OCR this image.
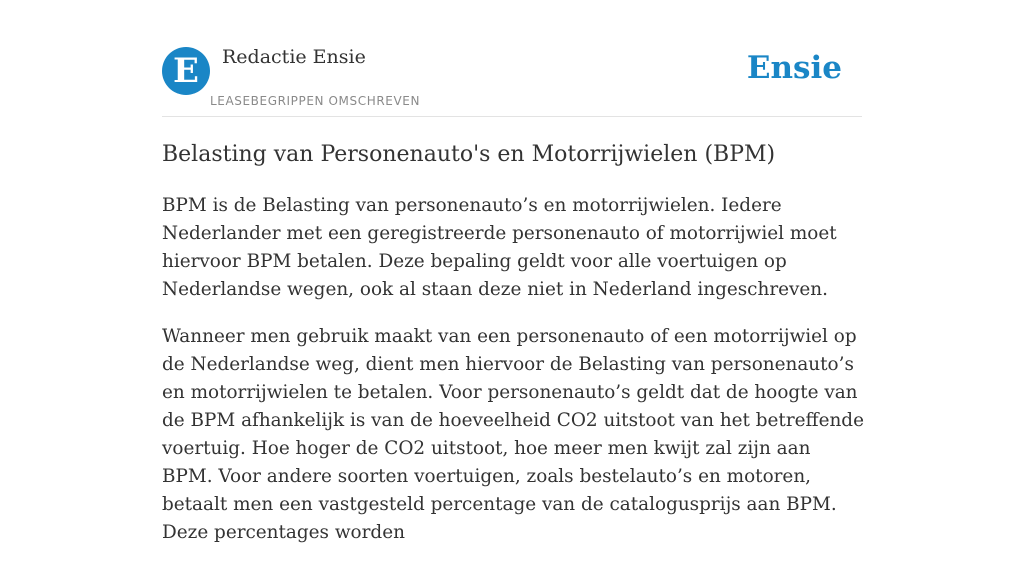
E	Redactie Ensie
LEASEBEGRIPPEN OMSCHREVEN
Ensie
Belasting van Personenauto's en Motorrijwielen (BPM)

BPM is de Belasting van personenauto’s en motorrijwielen. Iedere Nederlander met een geregistreerde personenauto of motorrijwiel moet hiervoor BPM betalen. Deze bepaling geldt voor alle voertuigen op Nederlandse wegen, ook al staan deze niet in Nederland ingeschreven.

Wanneer men gebruik maakt van een personenauto of een motorrijwiel op de Nederlandse weg, dient men hiervoor de Belasting van personenauto’s en motorrijwielen te betalen. Voor personenauto’s geldt dat de hoogte van de BPM afhankelijk is van de hoeveelheid CO2 uitstoot van het betreffende voertuig. Hoe hoger de CO2 uitstoot, hoe meer men kwijt zal zijn aan BPM. Voor andere soorten voertuigen, zoals bestelauto’s en motoren, betaalt men een vastgesteld percentage van de catalogusprijs aan BPM. Deze percentages worden
